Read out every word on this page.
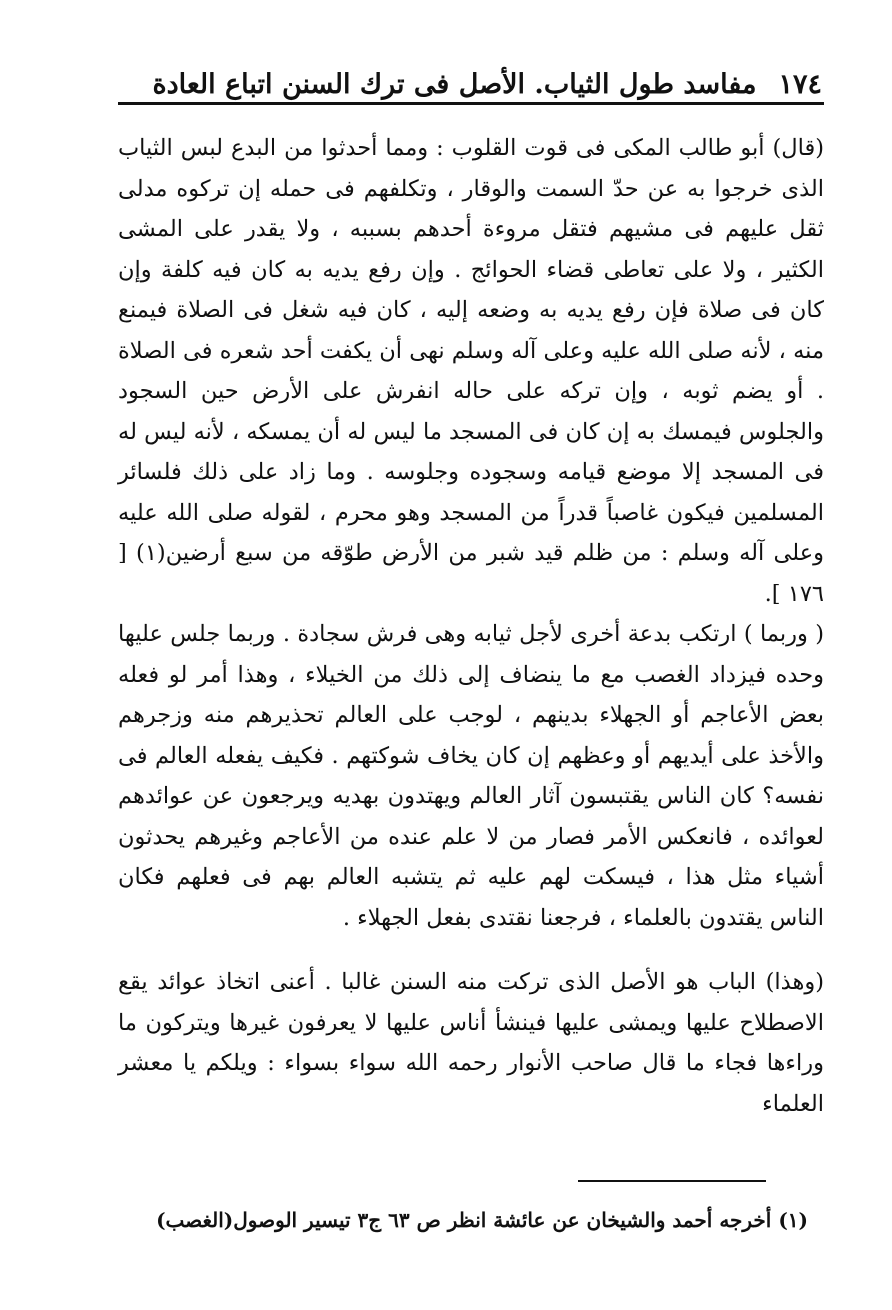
١٧٤
مفاسد طول الثياب. الأصل فى ترك السنن اتباع العادة

(قال) أبو طالب المكى فى قوت القلوب : ومما أحدثوا من البدع لبس الثياب الذى خرجوا به عن حدّ السمت والوقار ، وتكلفهم فى حمله إن تركوه مدلى ثقل عليهم فى مشيهم فتقل مروءة أحدهم بسببه ، ولا يقدر على المشى الكثير ، ولا على تعاطى قضاء الحوائج . وإن رفع يديه به كان فيه كلفة وإن كان فى صلاة فإن رفع يديه به وضعه إليه ، كان فيه شغل فى الصلاة فيمنع منه ، لأنه صلى الله عليه وعلى آله وسلم نهى أن يكفت أحد شعره فى الصلاة . أو يضم ثوبه ، وإن تركه على حاله انفرش على الأرض حين السجود والجلوس فيمسك به إن كان فى المسجد ما ليس له أن يمسكه ، لأنه ليس له فى المسجد إلا موضع قيامه وسجوده وجلوسه . وما زاد على ذلك فلسائر المسلمين فيكون غاصباً قدراً من المسجد وهو محرم ، لقوله صلى الله عليه وعلى آله وسلم : من ظلم قيد شبر من الأرض طوّقه من سبع أرضين(١) [ ١٧٦ ].

( وربما ) ارتكب بدعة أخرى لأجل ثيابه وهى فرش سجادة . وربما جلس عليها وحده فيزداد الغصب مع ما ينضاف إلى ذلك من الخيلاء ، وهذا أمر لو فعله بعض الأعاجم أو الجهلاء بدينهم ، لوجب على العالم تحذيرهم منه وزجرهم والأخذ على أيديهم أو وعظهم إن كان يخاف شوكتهم . فكيف يفعله العالم فى نفسه؟ كان الناس يقتبسون آثار العالم ويهتدون بهديه ويرجعون عن عوائدهم لعوائده ، فانعكس الأمر فصار من لا علم عنده من الأعاجم وغيرهم يحدثون أشياء مثل هذا ، فيسكت لهم عليه ثم يتشبه العالم بهم فى فعلهم فكان الناس يقتدون بالعلماء ، فرجعنا نقتدى بفعل الجهلاء .

(وهذا) الباب هو الأصل الذى تركت منه السنن غالبا . أعنى اتخاذ عوائد يقع الاصطلاح عليها ويمشى عليها فينشأ أناس عليها لا يعرفون غيرها ويتركون ما وراءها فجاء ما قال صاحب الأنوار رحمه الله سواء بسواء : ويلكم يا معشر العلماء

(١) أخرجه أحمد والشيخان عن عائشة انظر ص ٦٣ ج٣ تيسير الوصول(الغصب)
